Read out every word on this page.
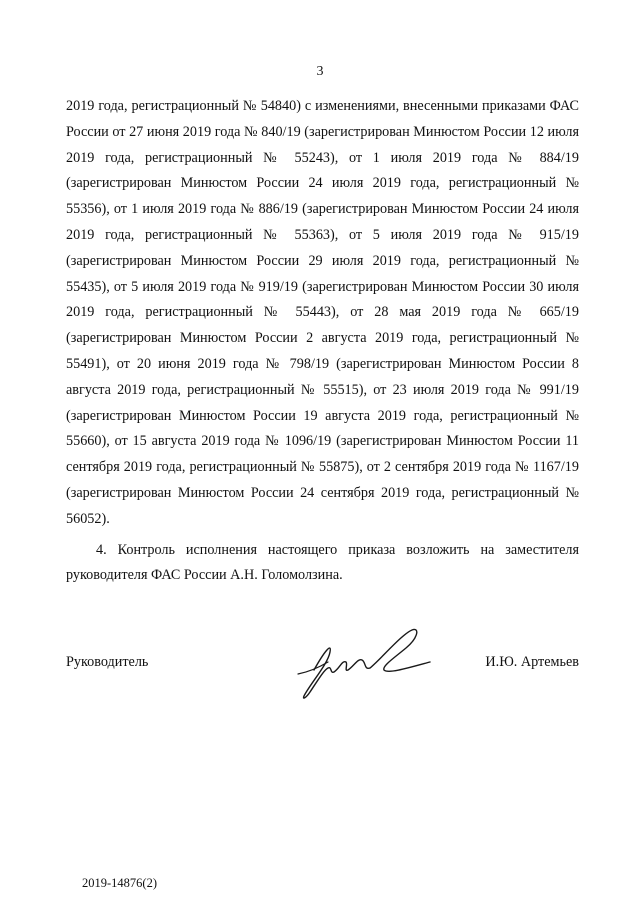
3

2019 года, регистрационный № 54840) с изменениями, внесенными приказами ФАС России от 27 июня 2019 года № 840/19 (зарегистрирован Минюстом России 12 июля 2019 года, регистрационный № 55243), от 1 июля 2019 года № 884/19 (зарегистрирован Минюстом России 24 июля 2019 года, регистрационный № 55356), от 1 июля 2019 года № 886/19 (зарегистрирован Минюстом России 24 июля 2019 года, регистрационный № 55363), от 5 июля 2019 года № 915/19 (зарегистрирован Минюстом России 29 июля 2019 года, регистрационный № 55435), от 5 июля 2019 года № 919/19 (зарегистрирован Минюстом России 30 июля 2019 года, регистрационный № 55443), от 28 мая 2019 года № 665/19 (зарегистрирован Минюстом России 2 августа 2019 года, регистрационный № 55491), от 20 июня 2019 года № 798/19 (зарегистрирован Минюстом России 8 августа 2019 года, регистрационный № 55515), от 23 июля 2019 года № 991/19 (зарегистрирован Минюстом России 19 августа 2019 года, регистрационный № 55660), от 15 августа 2019 года № 1096/19 (зарегистрирован Минюстом России 11 сентября 2019 года, регистрационный № 55875), от 2 сентября 2019 года № 1167/19 (зарегистрирован Минюстом России 24 сентября 2019 года, регистрационный № 56052).

4. Контроль исполнения настоящего приказа возложить на заместителя руководителя ФАС России А.Н. Голомолзина.

Руководитель	И.Ю. Артемьев
2019-14876(2)
